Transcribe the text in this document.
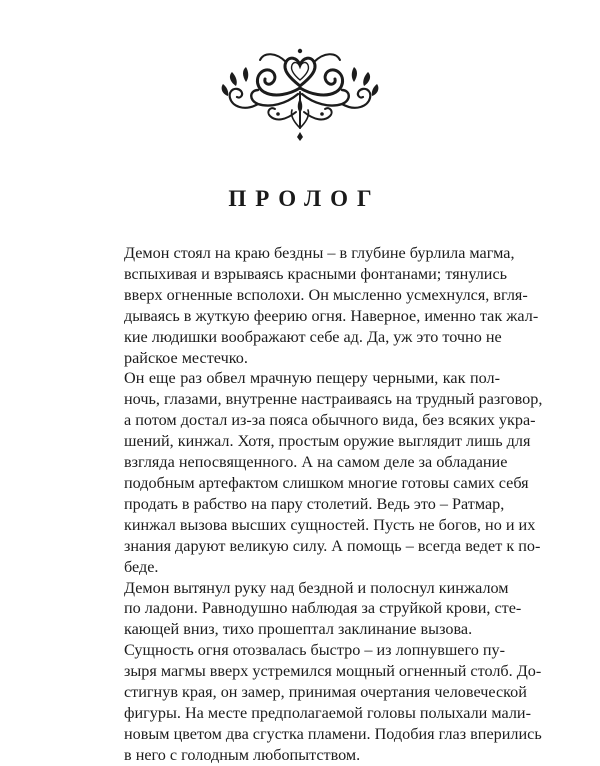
ПРОЛОГ

Демон стоял на краю бездны – в глубине бурлила магма,
вспыхивая и взрываясь красными фонтанами; тянулись
вверх огненные всполохи. Он мысленно усмехнулся, вгля-
дываясь в жуткую феерию огня. Наверное, именно так жал-
кие людишки воображают себе ад. Да, уж это точно не
райское местечко.

Он еще раз обвел мрачную пещеру черными, как пол-
ночь, глазами, внутренне настраиваясь на трудный разговор,
а потом достал из-за пояса обычного вида, без всяких укра-
шений, кинжал. Хотя, простым оружие выглядит лишь для
взгляда непосвященного. А на самом деле за обладание
подобным артефактом слишком многие готовы самих себя
продать в рабство на пару столетий. Ведь это – Ратмар,
кинжал вызова высших сущностей. Пусть не богов, но и их
знания даруют великую силу. А помощь – всегда ведет к по-
беде.

Демон вытянул руку над бездной и полоснул кинжалом
по ладони. Равнодушно наблюдая за струйкой крови, сте-
кающей вниз, тихо прошептал заклинание вызова.

Сущность огня отозвалась быстро – из лопнувшего пу-
зыря магмы вверх устремился мощный огненный столб. До-
стигнув края, он замер, принимая очертания человеческой
фигуры. На месте предполагаемой головы полыхали мали-
новым цветом два сгустка пламени. Подобия глаз вперились
в него с голодным любопытством.
